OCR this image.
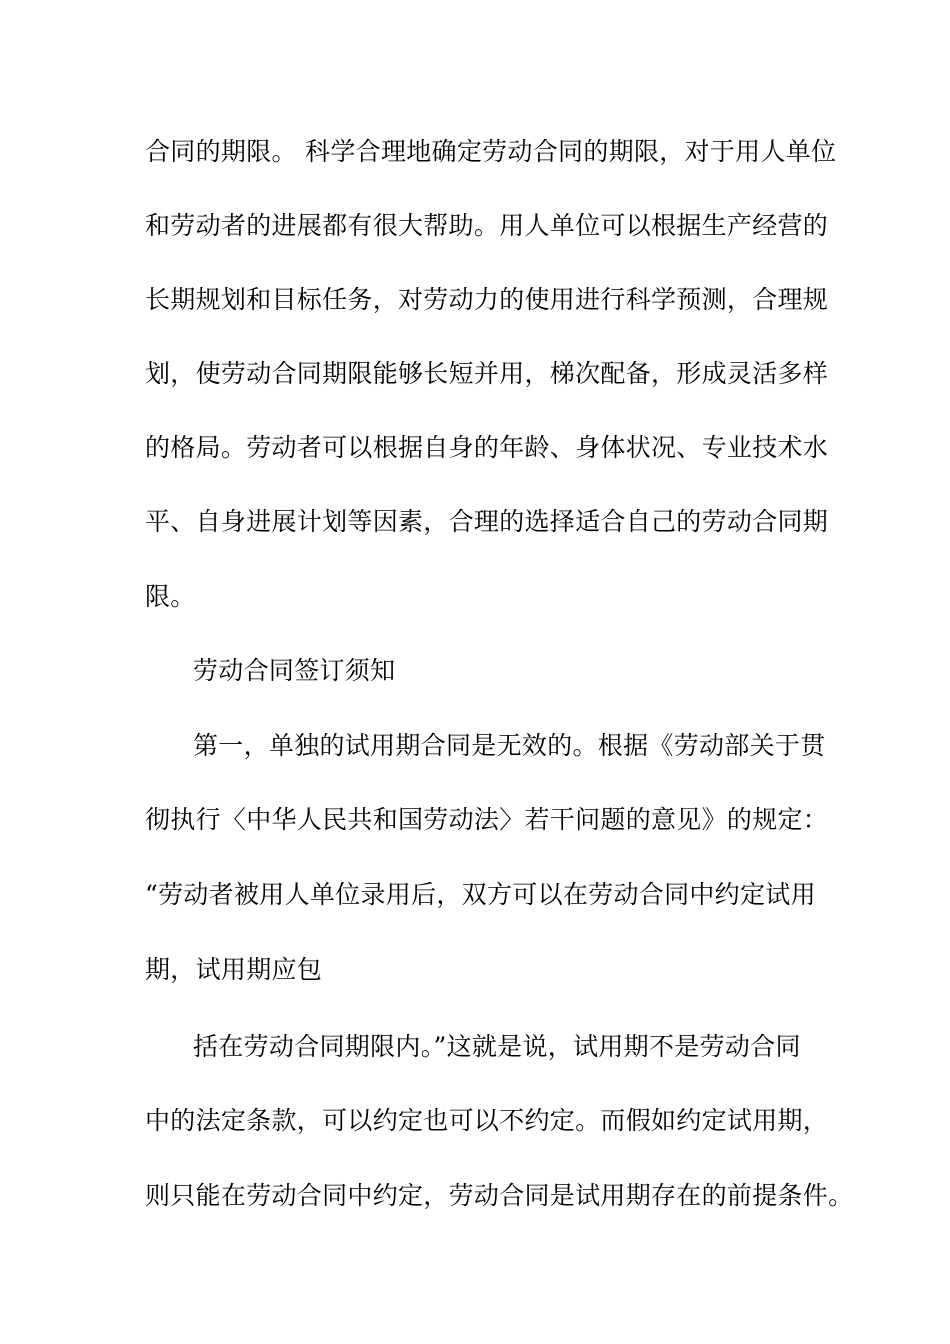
合同的期限。 科学合理地确定劳动合同的期限，对于用人单位
和劳动者的进展都有很大帮助。用人单位可以根据生产经营的
长期规划和目标任务，对劳动力的使用进行科学预测，合理规
划，使劳动合同期限能够长短并用，梯次配备，形成灵活多样
的格局。劳动者可以根据自身的年龄、身体状况、专业技术水
平、自身进展计划等因素，合理的选择适合自己的劳动合同期
限。
劳动合同签订须知
第一，单独的试用期合同是无效的。根据《劳动部关于贯
彻执行〈中华人民共和国劳动法〉若干问题的意见》的规定：
“劳动者被用人单位录用后，双方可以在劳动合同中约定试用
期，试用期应包
括在劳动合同期限内。”这就是说，试用期不是劳动合同
中的法定条款，可以约定也可以不约定。而假如约定试用期，
则只能在劳动合同中约定，劳动合同是试用期存在的前提条件。
